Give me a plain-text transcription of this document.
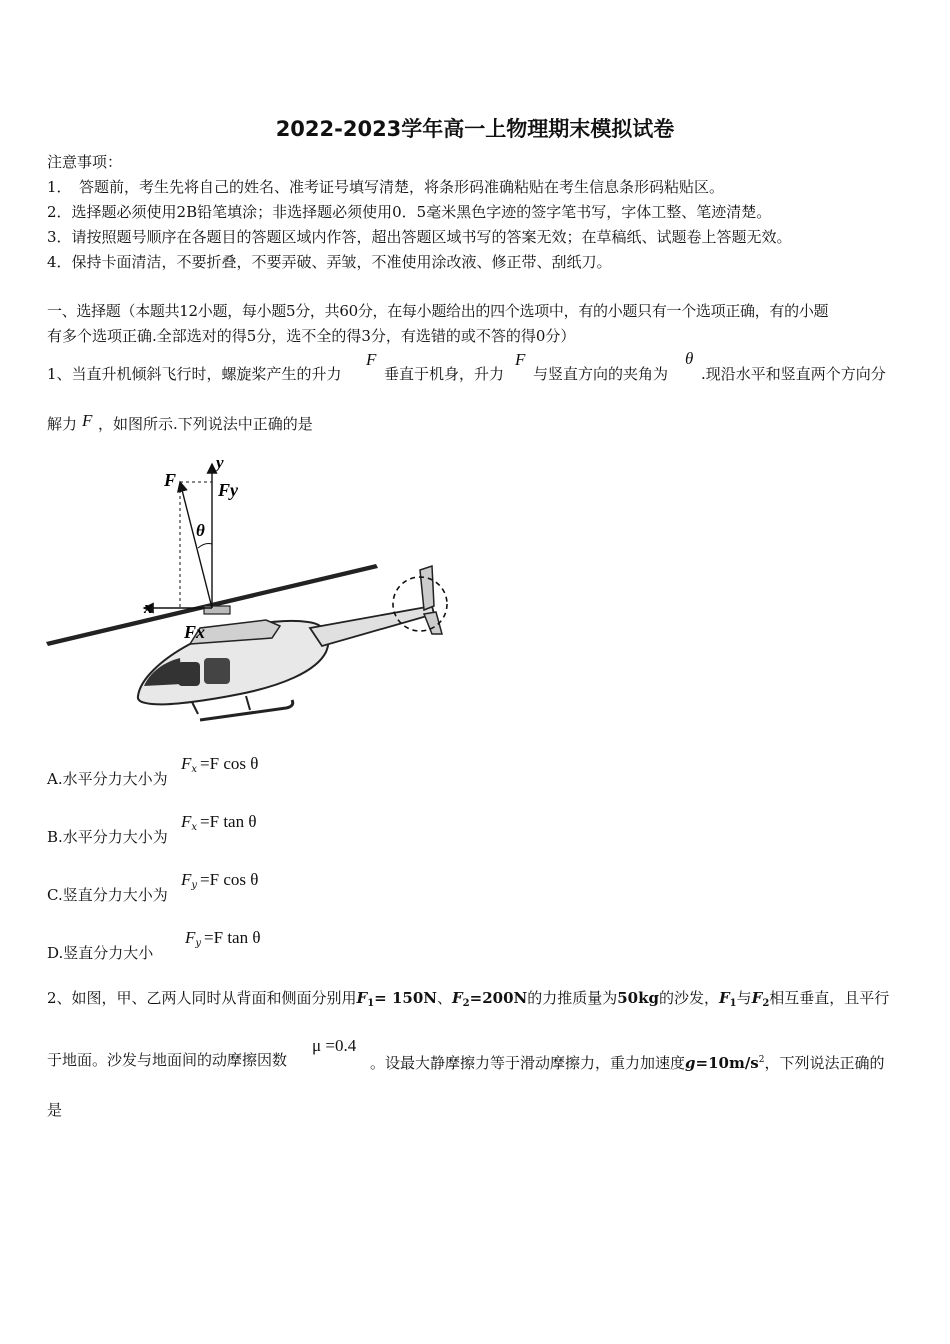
2022-2023学年高一上物理期末模拟试卷
注意事项：
1．　答题前，考生先将自己的姓名、准考证号填写清楚，将条形码准确粘贴在考生信息条形码粘贴区。
2．选择题必须使用2B铅笔填涂；非选择题必须使用0．5毫米黑色字迹的签字笔书写，字体工整、笔迹清楚。
3．请按照题号顺序在各题目的答题区域内作答，超出答题区域书写的答案无效；在草稿纸、试题卷上答题无效。
4．保持卡面清洁，不要折叠，不要弄破、弄皱，不准使用涂改液、修正带、刮纸刀。
一、选择题（本题共12小题，每小题5分，共60分，在每小题给出的四个选项中，有的小题只有一个选项正确，有的小题
有多个选项正确.全部选对的得5分，选不全的得3分，有选错的或不答的得0分）
1、当直升机倾斜飞行时，螺旋桨产生的升力
F
垂直于机身，升力
F
与竖直方向的夹角为
θ
.现沿水平和竖直两个方向分
解力 F ，如图所示.下列说法中正确的是
F
y
Fy
θ
x
Fx
A.水平分力大小为
$F_x =F$ cos θ
B.水平分力大小为
$F_x =F$ tan θ
C.竖直分力大小为
$F_y =F$ cos θ
D.竖直分力大小
$F_y =F$ tan θ
2、如图，甲、乙两人同时从背面和侧面分别用$F_1= 150N$、$F_2=200N$的力推质量为50kg的沙发，$F_1$与$F_2$相互垂直，且平行
于地面。沙发与地面间的动摩擦因数
μ =0.4
。设最大静摩擦力等于滑动摩擦力，重力加速度$g=10m/s^2$，下列说法正确的
是
